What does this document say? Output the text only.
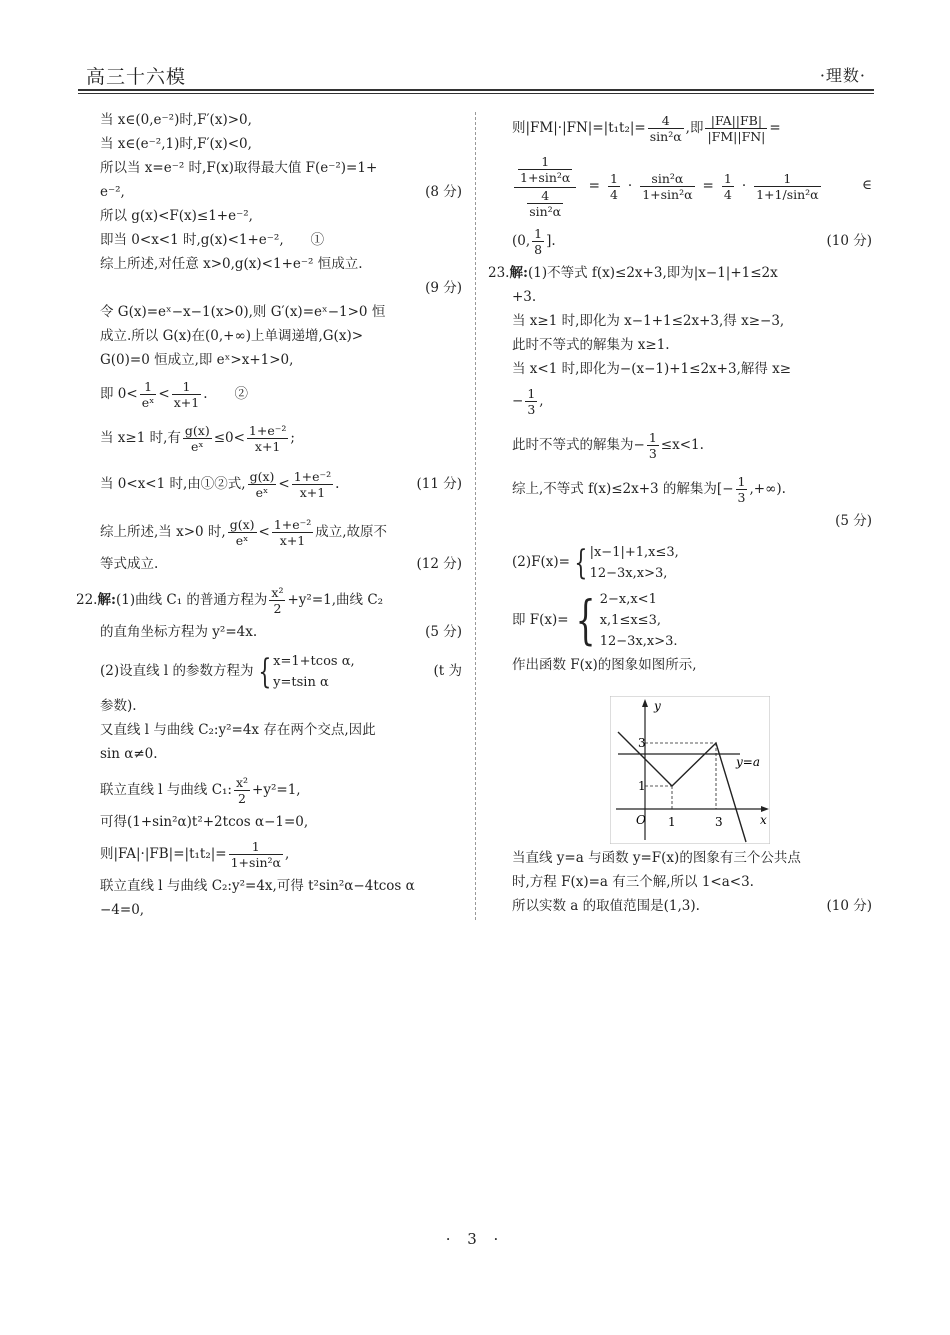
高三十六模	·理数·
当 x∈(0,e⁻²)时,F′(x)>0,
当 x∈(e⁻²,1)时,F′(x)<0,
所以当 x=e⁻² 时,F(x)取得最大值 F(e⁻²)=1+
e⁻²,	(8 分)
所以 g(x)<F(x)≤1+e⁻²,
即当 0<x<1 时,g(x)<1+e⁻²,　　①
综上所述,对任意 x>0,g(x)<1+e⁻² 恒成立.
(9 分)
令 G(x)=eˣ−x−1(x>0),则 G′(x)=eˣ−1>0 恒
成立.所以 G(x)在(0,+∞)上单调递增,G(x)>
G(0)=0 恒成立,即 eˣ>x+1>0,
即 $0< \frac{1}{\text{eˣ}} < \frac{1}{x+1}$ .　　②
当 x≥1 时,有 $\frac{g(x)}{\text{eˣ}} \le 0< \frac{\text{1+e⁻²}}{x+1}$ ;
当 0<x<1 时,由①②式, $\frac{g(x)}{\text{eˣ}} < \frac{\text{1+e⁻²}}{x+1}$ .	(11 分)
综上所述,当 x>0 时, $\frac{g(x)}{\text{eˣ}} < \frac{\text{1+e⁻²}}{x+1}$ 成立,故原不
等式成立.	(12 分)
22.解:(1)曲线 C₁ 的普通方程为 $\frac{\text{x²}}{2} +y^2=1$,曲线 C₂
的直角坐标方程为 y²=4x.	(5 分)
(2)设直线 l 的参数方程为 { x=1+tcos α,
y=tsin α
(t 为
参数).
又直线 l 与曲线 C₂:y²=4x 存在两个交点,因此
sin α≠0.
联立直线 l 与曲线 C₁: $\frac{\text{x²}}{2} +y^2=1$,
可得(1+sin²α)t²+2tcos α−1=0,
则$|FA|\cdot|FB|=|t_1t_2|= \frac{1}{\text{1+sin²α}}$ ,
联立直线 l 与曲线 C₂:y²=4x,可得 t²sin²α−4tcos α
−4=0,
则$|FM|\cdot|FN|=|t_1t_2|= \frac{4}{\text{sin²α}}$ ,即 $\frac{|FA||FB|}{|FM||FN|}$ =
$\frac{\frac{1}{\text{1+sin²α}}}{\frac{4}{\text{sin²α}}} = \frac{1}{4} \cdot \frac{\text{sin²α}}{\text{1+sin²α}} = \frac{1}{4} \cdot \frac{1}{\text{1+1/sin²α}}$	∈
(0, $\frac{1}{8}$ ].	(10 分)
23.解:(1)不等式 f(x)≤2x+3,即为|x−1|+1≤2x
+3.
当 x≥1 时,即化为 x−1+1≤2x+3,得 x≥−3,
此时不等式的解集为 x≥1.
当 x<1 时,即化为−(x−1)+1≤2x+3,解得 x≥
− $\frac{1}{3}$ ,
此时不等式的解集为− $\frac{1}{3} \le x<1$.
综上,不等式 f(x)≤2x+3 的解集为[− $\frac{1}{3}$ ,+∞).
(5 分)
(2)F(x)= { |x−1|+1,x≤3,
12−3x,x>3,
即 F(x)= { 2−x,x<1
x,1≤x≤3,
12−3x,x>3.
作出函数 F(x)的图象如图所示,
y
x
O 1	3
1
3
y=a
当直线 y=a 与函数 y=F(x)的图象有三个公共点
时,方程 F(x)=a 有三个解,所以 1<a<3.
所以实数 a 的取值范围是(1,3).	(10 分)
· 3 ·
